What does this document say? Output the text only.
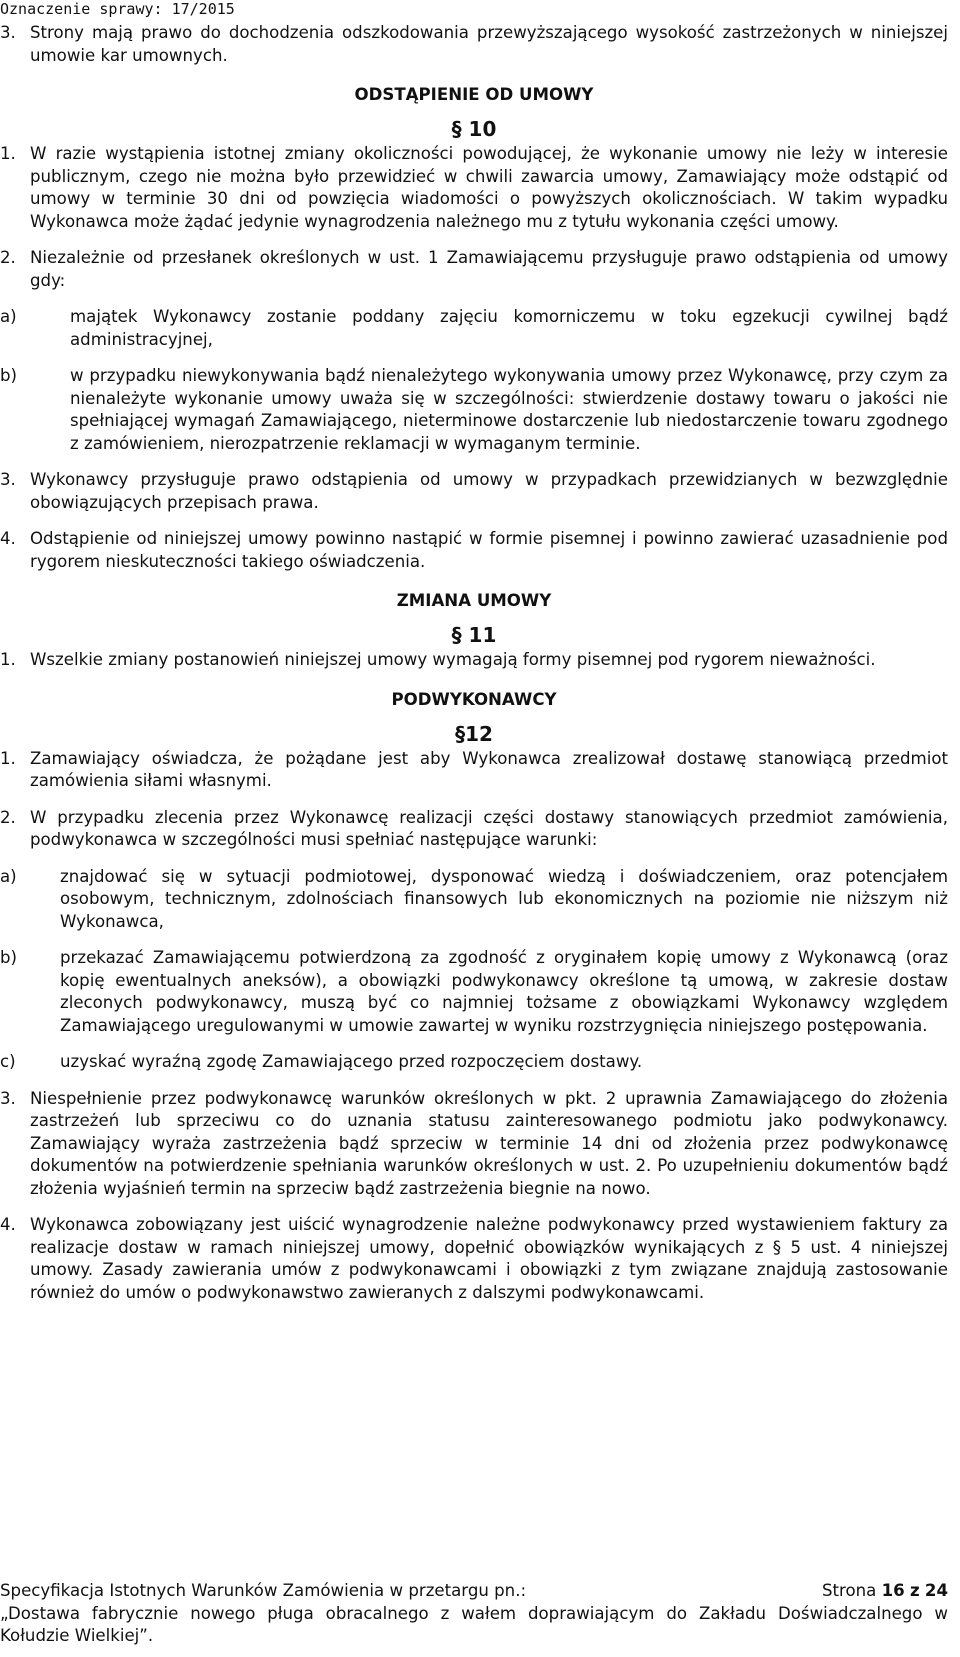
Oznaczenie sprawy: 17/2015
3. Strony mają prawo do dochodzenia odszkodowania przewyższającego wysokość zastrzeżonych w niniejszej umowie kar umownych.
ODSTĄPIENIE OD UMOWY
§ 10
1. W razie wystąpienia istotnej zmiany okoliczności powodującej, że wykonanie umowy nie leży w interesie publicznym, czego nie można było przewidzieć w chwili zawarcia umowy, Zamawiający może odstąpić od umowy w terminie 30 dni od powzięcia wiadomości o powyższych okolicznościach. W takim wypadku Wykonawca może żądać jedynie wynagrodzenia należnego mu z tytułu wykonania części umowy.
2. Niezależnie od przesłanek określonych w ust. 1 Zamawiającemu przysługuje prawo odstąpienia od umowy gdy:
a)	majątek Wykonawcy zostanie poddany zajęciu komorniczemu w toku egzekucji cywilnej bądź administracyjnej,
b)	w przypadku niewykonywania bądź nienależytego wykonywania umowy przez Wykonawcę, przy czym za nienależyte wykonanie umowy uważa się w szczególności: stwierdzenie dostawy towaru o jakości nie spełniającej wymagań Zamawiającego, nieterminowe dostarczenie lub niedostarczenie towaru zgodnego z zamówieniem, nierozpatrzenie reklamacji w wymaganym terminie.
3. Wykonawcy przysługuje prawo odstąpienia od umowy w przypadkach przewidzianych w bezwzględnie obowiązujących przepisach prawa.
4. Odstąpienie od niniejszej umowy powinno nastąpić w formie pisemnej i powinno zawierać uzasadnienie pod rygorem nieskuteczności takiego oświadczenia.
ZMIANA UMOWY
§ 11
1. Wszelkie zmiany postanowień niniejszej umowy wymagają formy pisemnej pod rygorem nieważności.
PODWYKONAWCY
§12
1. Zamawiający oświadcza, że pożądane jest aby Wykonawca zrealizował dostawę stanowiącą przedmiot zamówienia siłami własnymi.
2. W przypadku zlecenia przez Wykonawcę realizacji części dostawy stanowiących przedmiot zamówienia, podwykonawca w szczególności musi spełniać następujące warunki:
a)	znajdować się w sytuacji podmiotowej, dysponować wiedzą i doświadczeniem, oraz potencjałem osobowym, technicznym, zdolnościach finansowych lub ekonomicznych na poziomie nie niższym niż Wykonawca,
b)	przekazać Zamawiającemu potwierdzoną za zgodność z oryginałem kopię umowy z Wykonawcą (oraz kopię ewentualnych aneksów), a obowiązki podwykonawcy określone tą umową, w zakresie dostaw zleconych podwykonawcy, muszą być co najmniej tożsame z obowiązkami Wykonawcy względem Zamawiającego uregulowanymi w umowie zawartej w wyniku rozstrzygnięcia niniejszego postępowania.
c)	uzyskać wyraźną zgodę Zamawiającego przed rozpoczęciem dostawy.
3. Niespełnienie przez podwykonawcę warunków określonych w pkt. 2 uprawnia Zamawiającego do złożenia zastrzeżeń lub sprzeciwu co do uznania statusu zainteresowanego podmiotu jako podwykonawcy. Zamawiający wyraża zastrzeżenia bądź sprzeciw w terminie 14 dni od złożenia przez podwykonawcę dokumentów na potwierdzenie spełniania warunków określonych w ust. 2. Po uzupełnieniu dokumentów bądź złożenia wyjaśnień termin na sprzeciw bądź zastrzeżenia biegnie na nowo.
4. Wykonawca zobowiązany jest uiścić wynagrodzenie należne podwykonawcy przed wystawieniem faktury za realizacje dostaw w ramach niniejszej umowy, dopełnić obowiązków wynikających z § 5 ust. 4 niniejszej umowy. Zasady zawierania umów z podwykonawcami i obowiązki z tym związane znajdują zastosowanie również do umów o podwykonawstwo zawieranych z dalszymi podwykonawcami.
Specyfikacja Istotnych Warunków Zamówienia w przetargu pn.:	Strona 16 z 24
„Dostawa fabrycznie nowego pługa obracalnego z wałem doprawiającym do Zakładu Doświadczalnego w Kołudzie Wielkiej”.
